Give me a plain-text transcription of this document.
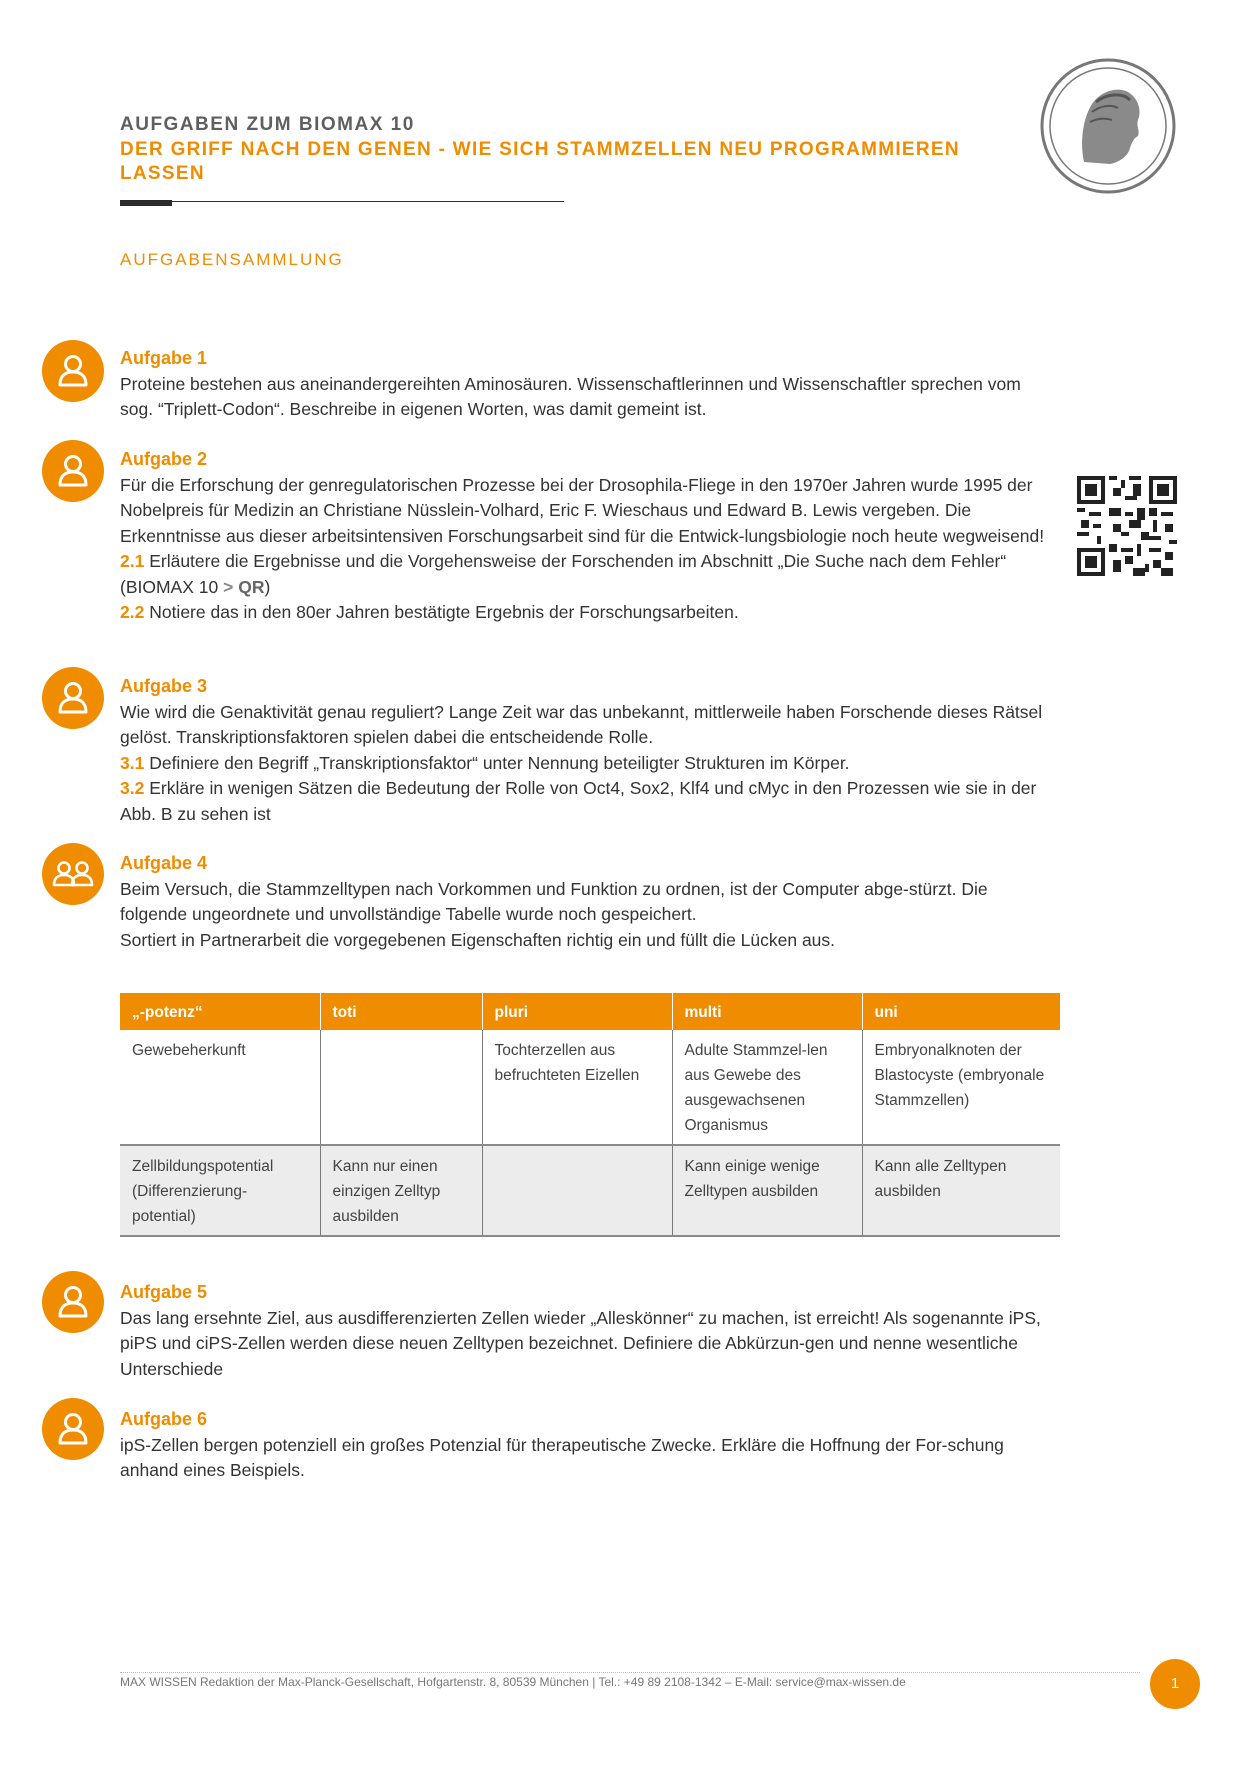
AUFGABEN ZUM BIOMAX 10
DER GRIFF NACH DEN GENEN - WIE SICH STAMMZELLEN NEU PROGRAMMIEREN LASSEN
AUFGABENSAMMLUNG
Aufgabe 1
Proteine bestehen aus aneinandergereihten Aminosäuren. Wissenschaftlerinnen und Wissenschaftler sprechen vom sog. “Triplett-Codon“. Beschreibe in eigenen Worten, was damit gemeint ist.
Aufgabe 2
Für die Erforschung der genregulatorischen Prozesse bei der Drosophila-Fliege in den 1970er Jahren wurde 1995 der Nobelpreis für Medizin an Christiane Nüsslein-Volhard, Eric F. Wieschaus und Edward B. Lewis vergeben. Die Erkenntnisse aus dieser arbeitsintensiven Forschungsarbeit sind für die Entwick-lungsbiologie noch heute wegweisend!
2.1 Erläutere die Ergebnisse und die Vorgehensweise der Forschenden im Abschnitt „Die Suche nach dem Fehler“ (BIOMAX 10 > QR)
2.2 Notiere das in den 80er Jahren bestätigte Ergebnis der Forschungsarbeiten.
Aufgabe 3
Wie wird die Genaktivität genau reguliert? Lange Zeit war das unbekannt, mittlerweile haben Forschende dieses Rätsel gelöst. Transkriptionsfaktoren spielen dabei die entscheidende Rolle.
3.1 Definiere den Begriff „Transkriptionsfaktor“ unter Nennung beteiligter Strukturen im Körper.
3.2 Erkläre in wenigen Sätzen die Bedeutung der Rolle von Oct4, Sox2, Klf4 und cMyc in den Prozessen wie sie in der Abb. B zu sehen ist
Aufgabe 4
Beim Versuch, die Stammzelltypen nach Vorkommen und Funktion zu ordnen, ist der Computer abge-stürzt. Die folgende ungeordnete und unvollständige Tabelle wurde noch gespeichert.
Sortiert in Partnerarbeit die vorgegebenen Eigenschaften richtig ein und füllt die Lücken aus.
„-potenz“	toti	pluri	multi	uni
Gewebeherkunft		Tochterzellen aus befruchteten Eizellen	Adulte Stammzel-len aus Gewebe des ausgewachsenen Organismus	Embryonalknoten der Blastocyste (embryonale Stammzellen)
Zellbildungspotential (Differenzierung-potential)	Kann nur einen einzigen Zelltyp ausbilden		Kann einige wenige Zelltypen ausbilden	Kann alle Zelltypen ausbilden
Aufgabe 5
Das lang ersehnte Ziel, aus ausdifferenzierten Zellen wieder „Alleskönner“ zu machen, ist erreicht! Als sogenannte iPS, piPS und ciPS-Zellen werden diese neuen Zelltypen bezeichnet. Definiere die Abkürzun-gen und nenne wesentliche Unterschiede
Aufgabe 6
ipS-Zellen bergen potenziell ein großes Potenzial für therapeutische Zwecke. Erkläre die Hoffnung der For-schung anhand eines Beispiels.
MAX WISSEN Redaktion der Max-Planck-Gesellschaft, Hofgartenstr. 8, 80539 München | Tel.: +49 89 2108-1342 – E-Mail: service@max-wissen.de	1
